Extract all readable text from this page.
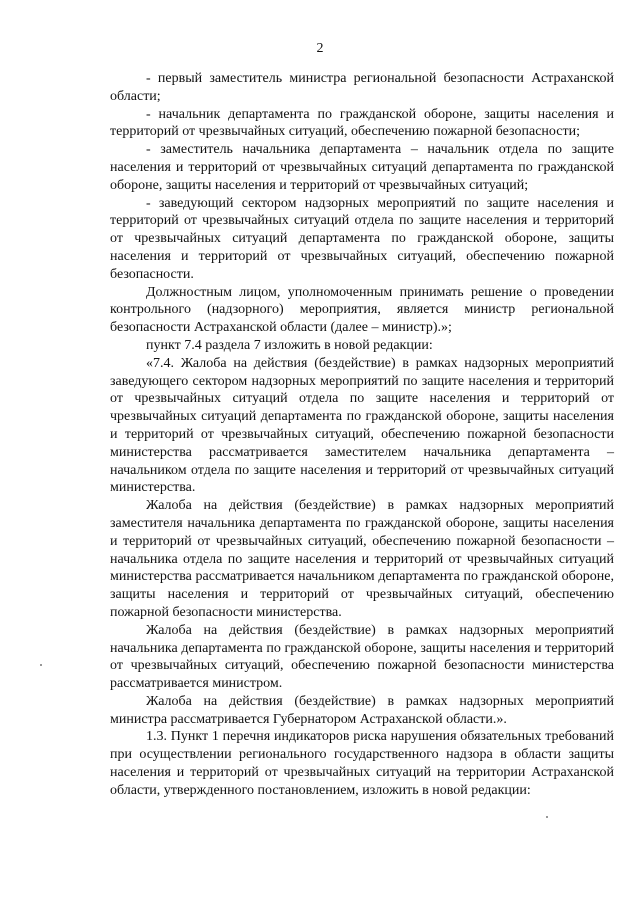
2

- первый заместитель министра региональной безопасности Астраханской области;

- начальник департамента по гражданской обороне, защиты населения и территорий от чрезвычайных ситуаций, обеспечению пожарной безопасности;

- заместитель начальника департамента – начальник отдела по защите населения и территорий от чрезвычайных ситуаций департамента по гражданской обороне, защиты населения и территорий от чрезвычайных ситуаций;

- заведующий сектором надзорных мероприятий по защите населения и территорий от чрезвычайных ситуаций отдела по защите населения и территорий от чрезвычайных ситуаций департамента по гражданской обороне, защиты населения и территорий от чрезвычайных ситуаций, обеспечению пожарной безопасности.

Должностным лицом, уполномоченным принимать решение о проведении контрольного (надзорного) мероприятия, является министр региональной безопасности Астраханской области (далее – министр).»;

пункт 7.4 раздела 7 изложить в новой редакции:

«7.4. Жалоба на действия (бездействие) в рамках надзорных мероприятий заведующего сектором надзорных мероприятий по защите населения и территорий от чрезвычайных ситуаций отдела по защите населения и территорий от чрезвычайных ситуаций департамента по гражданской обороне, защиты населения и территорий от чрезвычайных ситуаций, обеспечению пожарной безопасности министерства рассматривается заместителем начальника департамента – начальником отдела по защите населения и территорий от чрезвычайных ситуаций министерства.

Жалоба на действия (бездействие) в рамках надзорных мероприятий заместителя начальника департамента по гражданской обороне, защиты населения и территорий от чрезвычайных ситуаций, обеспечению пожарной безопасности – начальника отдела по защите населения и территорий от чрезвычайных ситуаций министерства рассматривается начальником департамента по гражданской обороне, защиты населения и территорий от чрезвычайных ситуаций, обеспечению пожарной безопасности министерства.

Жалоба на действия (бездействие) в рамках надзорных мероприятий начальника департамента по гражданской обороне, защиты населения и территорий от чрезвычайных ситуаций, обеспечению пожарной безопасности министерства рассматривается министром.

Жалоба на действия (бездействие) в рамках надзорных мероприятий министра рассматривается Губернатором Астраханской области.».

1.3. Пункт 1 перечня индикаторов риска нарушения обязательных требований при осуществлении регионального государственного надзора в области защиты населения и территорий от чрезвычайных ситуаций на территории Астраханской области, утвержденного постановлением, изложить в новой редакции:
